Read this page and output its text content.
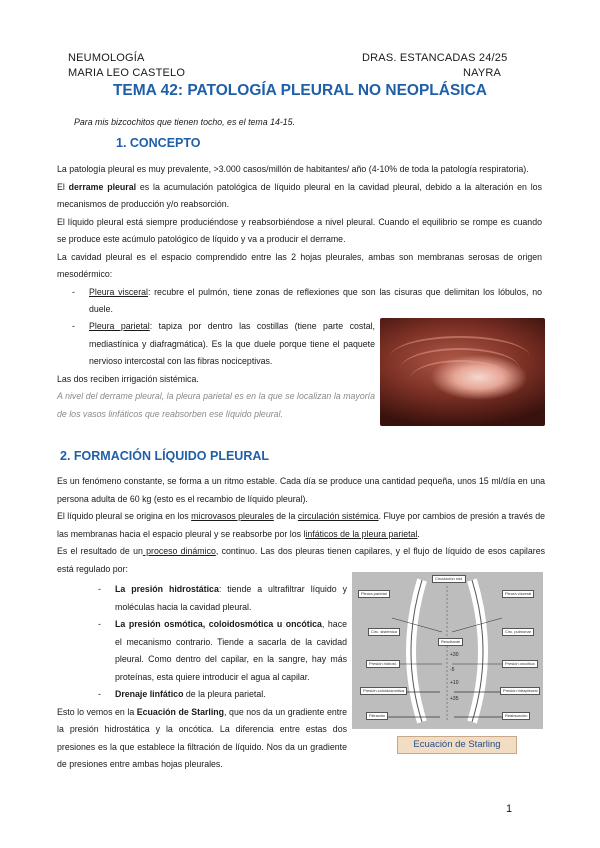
NEUMOLOGÍA
MARIA LEO CASTELO
DRAS. ESTANCADAS 24/25
NAYRA
TEMA 42: PATOLOGÍA PLEURAL NO NEOPLÁSICA
Para mis bizcochitos que tienen tocho, es el tema 14-15.
1. CONCEPTO
La patología pleural es muy prevalente, >3.000 casos/millón de habitantes/ año (4-10% de toda la patología respiratoria).
El derrame pleural es la acumulación patológica de líquido pleural en la cavidad pleural, debido a la alteración en los mecanismos de producción y/o reabsorción.
El líquido pleural está siempre produciéndose y reabsorbiéndose a nivel pleural. Cuando el equilibrio se rompe es cuando se produce este acúmulo patológico de líquido y va a producir el derrame.
La cavidad pleural es el espacio comprendido entre las 2 hojas pleurales, ambas son membranas serosas de origen mesodérmico:
- Pleura visceral: recubre el pulmón, tiene zonas de reflexiones que son las cisuras que delimitan los lóbulos, no duele.
- Pleura parietal: tapiza por dentro las costillas (tiene parte costal, mediastínica y diafragmática). Es la que duele porque tiene el paquete nervioso intercostal con las fibras nociceptivas.
Las dos reciben irrigación sistémica.
A nivel del derrame pleural, la pleura parietal es en la que se localizan la mayoría de los vasos linfáticos que reabsorben ese líquido pleural.
2. FORMACIÓN LÍQUIDO PLEURAL
Es un fenómeno constante, se forma a un ritmo estable. Cada día se produce una cantidad pequeña, unos 15 ml/día en una persona adulta de 60 kg (esto es el recambio de líquido pleural).
El líquido pleural se origina en los microvasos pleurales de la circulación sistémica. Fluye por cambios de presión a través de las membranas hacia el espacio pleural y se reabsorbe por los linfáticos de la pleura parietal.
Es el resultado de un proceso dinámico, continuo. Las dos pleuras tienen capilares, y el flujo de líquido de esos capilares está regulado por:
- La presión hidrostática: tiende a ultrafiltrar líquido y moléculas hacia la cavidad pleural.
- La presión osmótica, coloidosmótica u oncótica, hace el mecanismo contrario. Tiende a sacarla de la cavidad pleural. Como dentro del capilar, en la sangre, hay más proteínas, esta quiere introducir el agua al capilar.
- Drenaje linfático de la pleura parietal.
Esto lo vemos en la Ecuación de Starling, que nos da un gradiente entre la presión hidrostática y la oncótica. La diferencia entre estas dos presiones es la que establece la filtración de líquido. Nos da un gradiente de presiones entre ambas hojas pleurales.
Circulación sist.
Pleura parietal	Pleura visceral
Circ. sistémica	Circ. pulmonar
Presión hidrost.	Presión oncótica
Presión coloidosmótica	Presión intrapleural
Filtración	Reabsorción
Resultante
+30
-5
+10
+35
Ecuación de Starling
1
